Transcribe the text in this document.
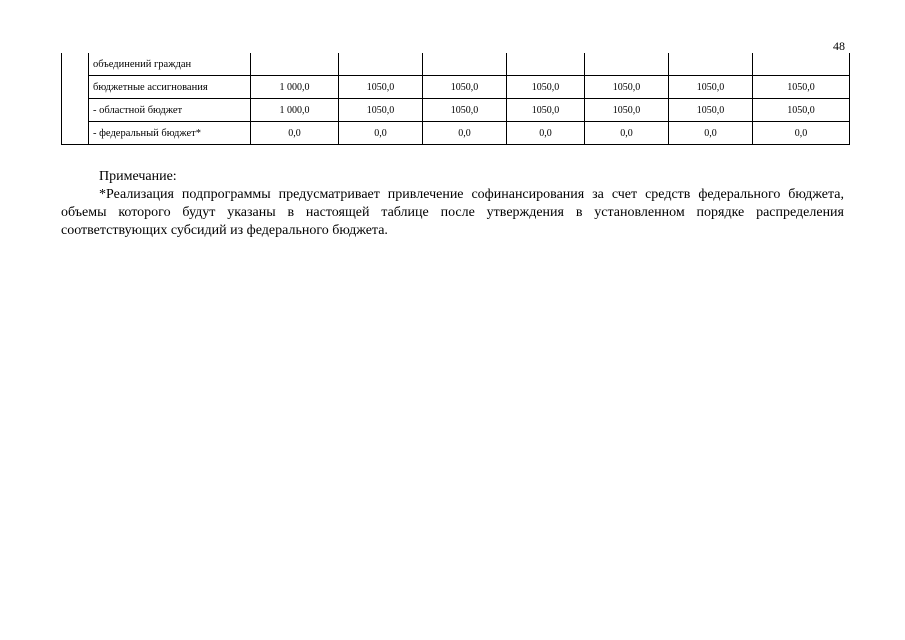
48
	объединений граждан							
	бюджетные ассигнования	1 000,0	1050,0	1050,0	1050,0	1050,0	1050,0	1050,0
	- областной бюджет	1 000,0	1050,0	1050,0	1050,0	1050,0	1050,0	1050,0
	- федеральный бюджет*	0,0	0,0	0,0	0,0	0,0	0,0	0,0
Примечание:
*Реализация подпрограммы предусматривает привлечение софинансирования за счет средств федерального бюджета, объемы которого будут указаны в настоящей таблице после утверждения в установленном порядке распределения соответствующих субсидий из федерального бюджета.
